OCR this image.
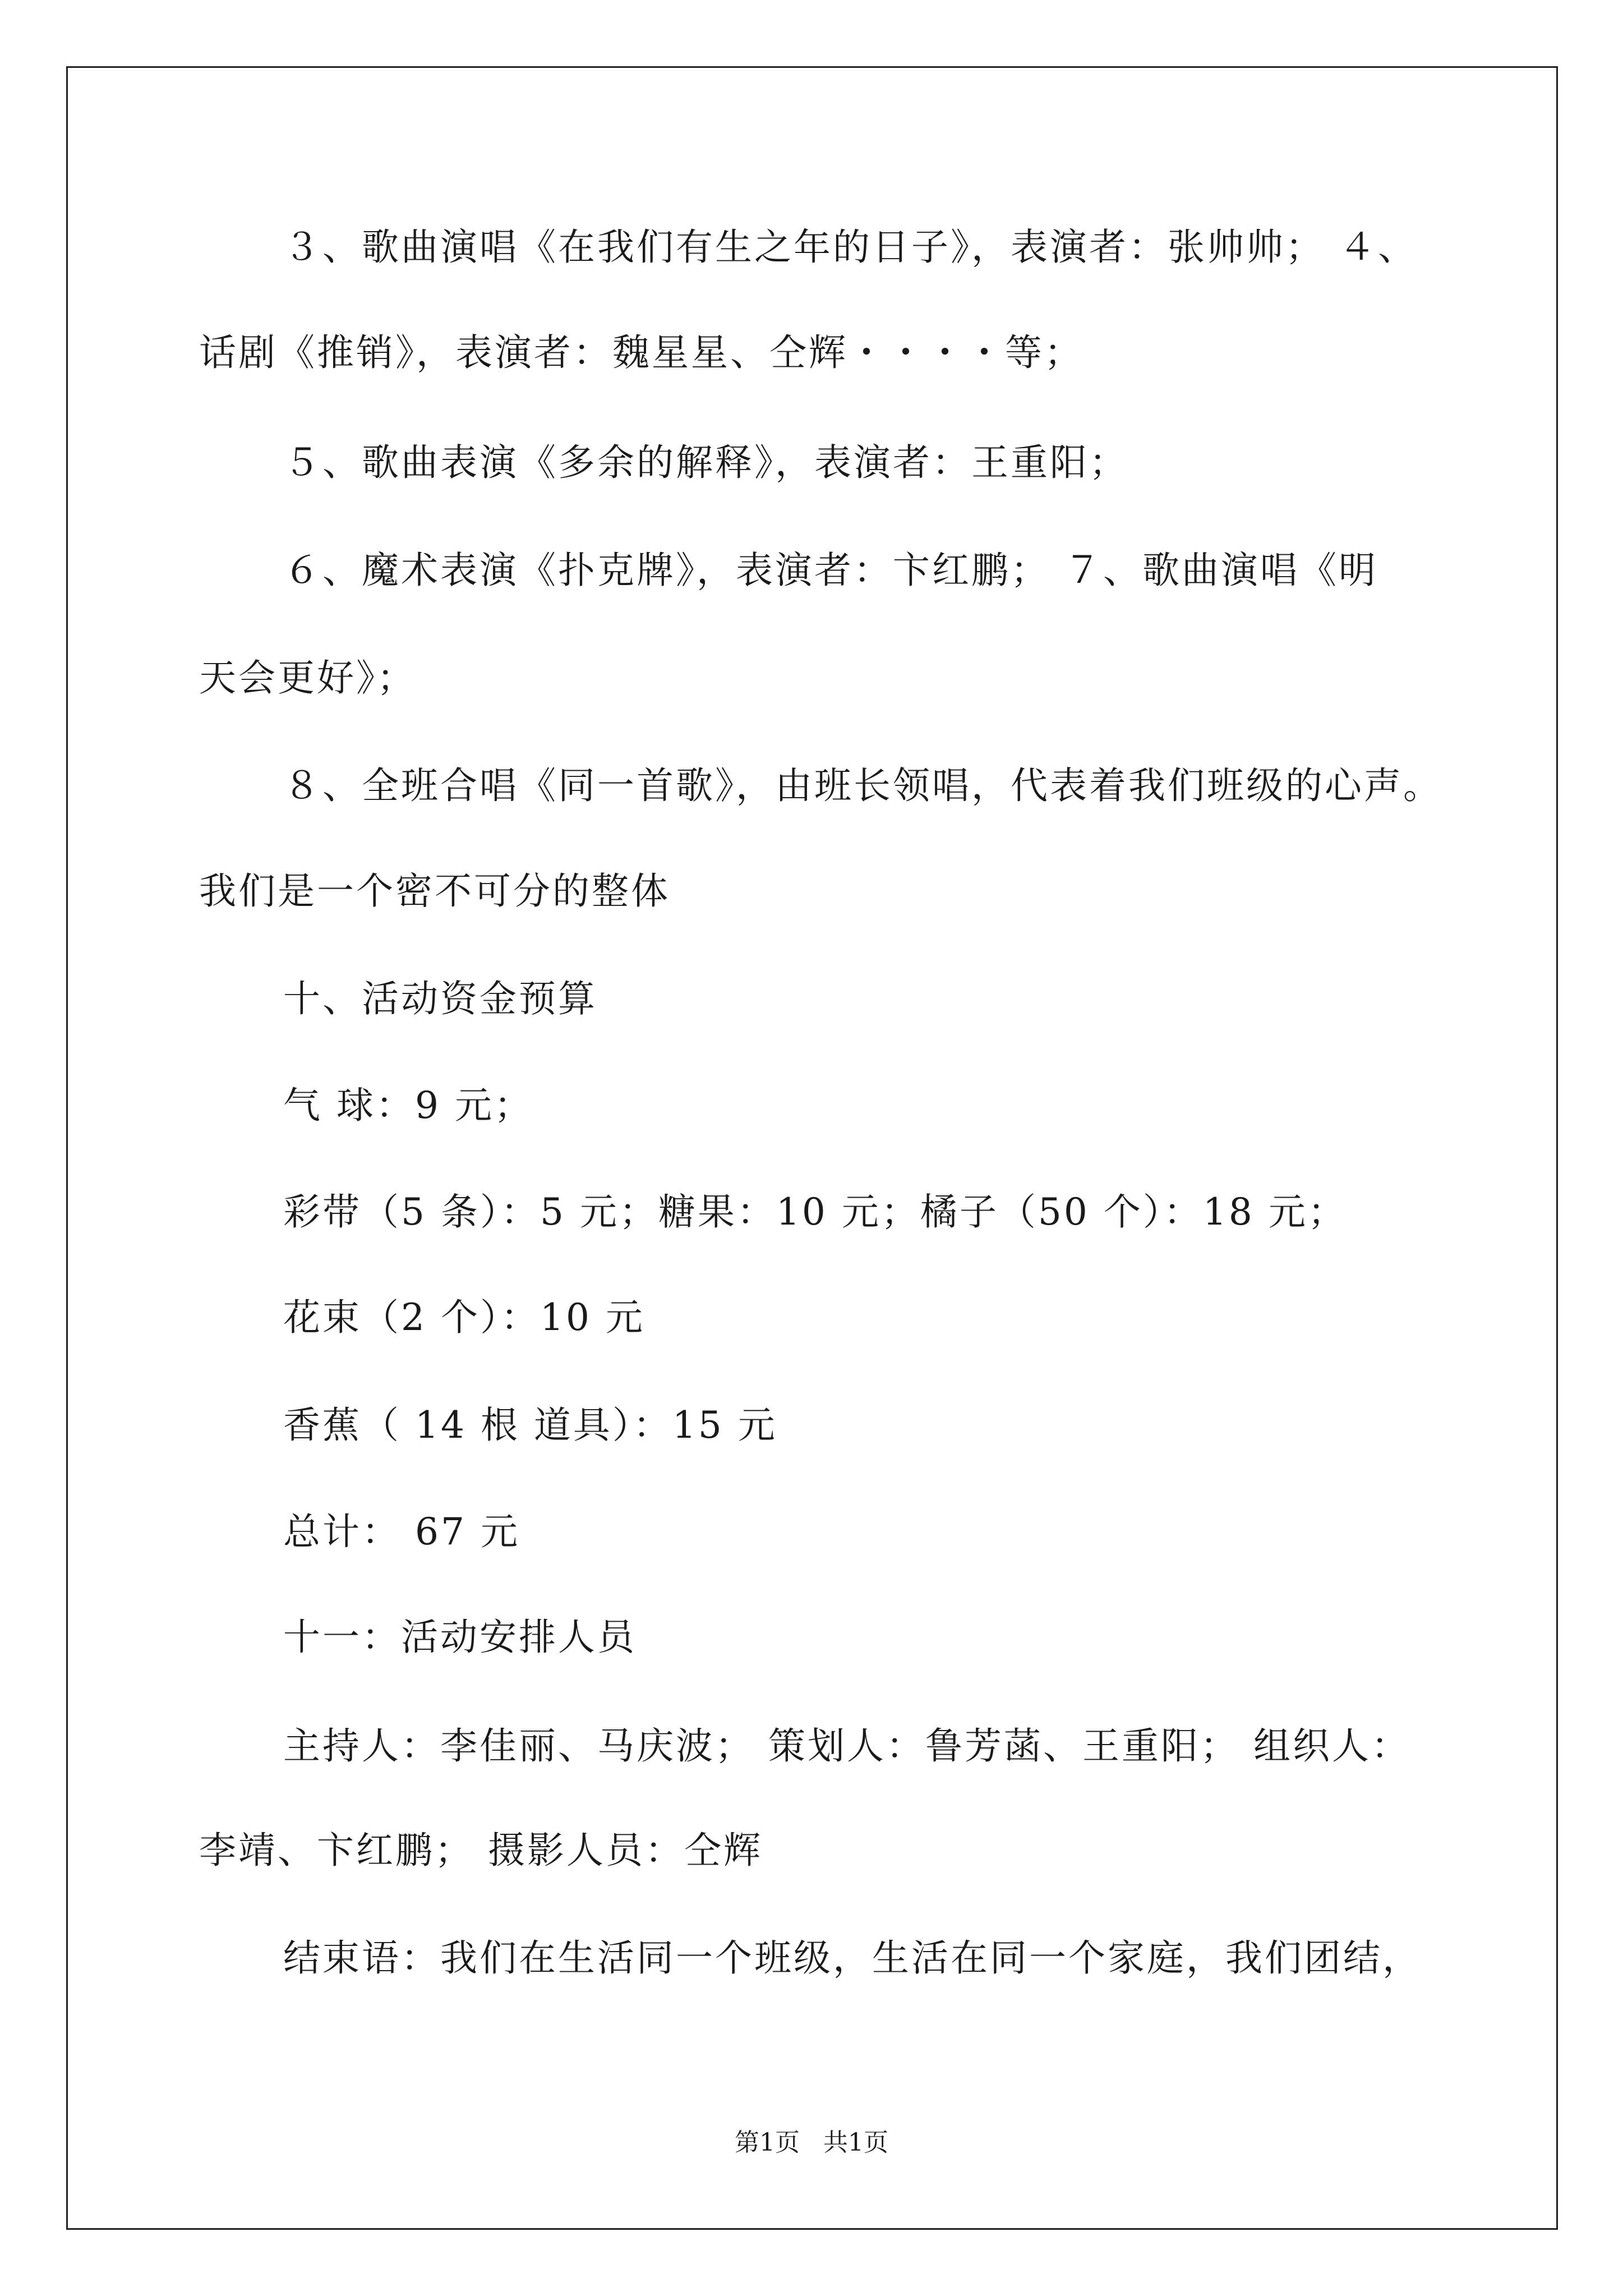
３、歌曲演唱《在我们有生之年的日子》，表演者：张帅帅； ４、
话剧《推销》，表演者：魏星星、仝辉・・・・等；
５、歌曲表演《多余的解释》，表演者：王重阳；
６、魔术表演《扑克牌》，表演者：卞红鹏； ７、歌曲演唱《明
天会更好》；
８、全班合唱《同一首歌》，由班长领唱，代表着我们班级的心声。
我们是一个密不可分的整体
十、活动资金预算
气 球：9 元；
彩带（5 条）：5 元；糖果：10 元；橘子（50 个）：18 元；
花束（2 个）：10 元
香蕉（ 14 根 道具）：15 元
总计： 67 元
十一：活动安排人员
主持人：李佳丽、马庆波； 策划人：鲁芳菡、王重阳； 组织人：
李靖、卞红鹏； 摄影人员：仝辉
结束语：我们在生活同一个班级，生活在同一个家庭，我们团结，
第1页   共1页
